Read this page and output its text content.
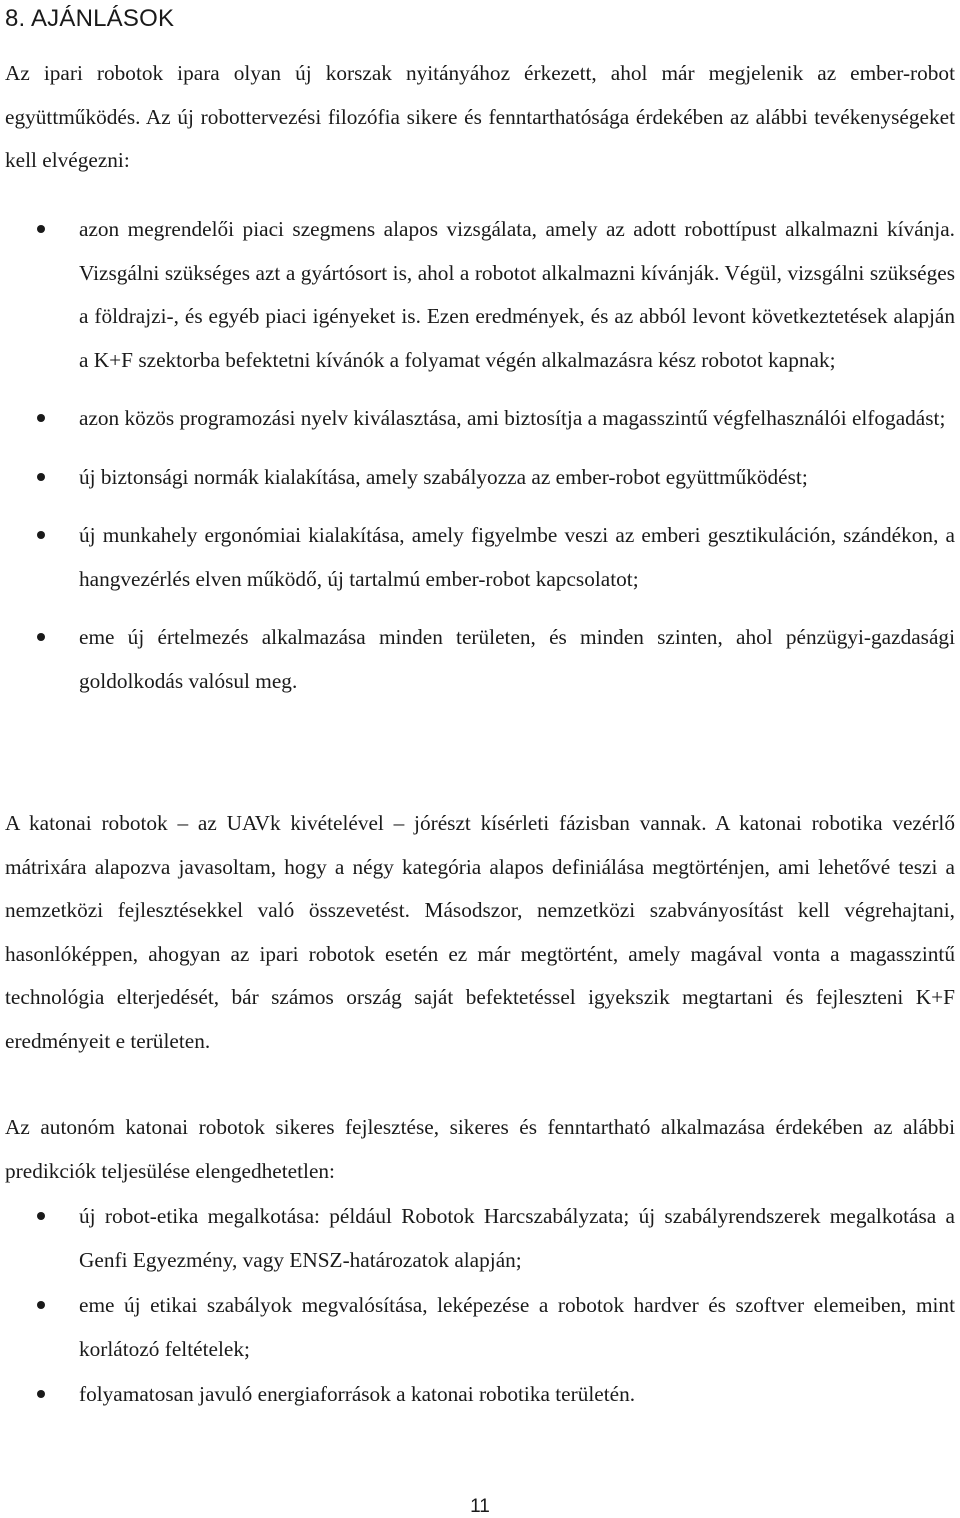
8. AJÁNLÁSOK

Az ipari robotok ipara olyan új korszak nyitányához érkezett, ahol már megjelenik az ember-robot együttműködés. Az új robottervezési filozófia sikere és fenntarthatósága érdekében az alábbi tevékenységeket kell elvégezni:

azon megrendelői piaci szegmens alapos vizsgálata, amely az adott robottípust alkalmazni kívánja. Vizsgálni szükséges azt a gyártósort is, ahol a robotot alkalmazni kívánják. Végül, vizsgálni szükséges a földrajzi-, és egyéb piaci igényeket is. Ezen eredmények, és az abból levont következtetések alapján a K+F szektorba befektetni kívánók a folyamat végén alkalmazásra kész robotot kapnak;
azon közös programozási nyelv kiválasztása, ami biztosítja a magasszintű végfelhasználói elfogadást;
új biztonsági normák kialakítása, amely szabályozza az ember-robot együttműködést;
új munkahely ergonómiai kialakítása, amely figyelmbe veszi az emberi gesztikuláción, szándékon, a hangvezérlés elven működő, új tartalmú ember-robot kapcsolatot;
eme új értelmezés alkalmazása minden területen, és minden szinten, ahol pénzügyi-gazdasági goldolkodás valósul meg.

A katonai robotok – az UAVk kivételével – jórészt kísérleti fázisban vannak. A katonai robotika vezérlő mátrixára alapozva javasoltam, hogy a négy kategória alapos definiálása megtörténjen, ami lehetővé teszi a nemzetközi fejlesztésekkel való összevetést. Másodszor, nemzetközi szabványosítást kell végrehajtani, hasonlóképpen, ahogyan az ipari robotok esetén ez már megtörtént, amely magával vonta a magasszintű technológia elterjedését, bár számos ország saját befektetéssel igyekszik megtartani és fejleszteni K+F eredményeit e területen.

Az autonóm katonai robotok sikeres fejlesztése, sikeres és fenntartható alkalmazása érdekében az alábbi predikciók teljesülése elengedhetetlen:

új robot-etika megalkotása: például Robotok Harcszabályzata; új szabályrendszerek megalkotása a Genfi Egyezmény, vagy ENSZ-határozatok alapján;
eme új etikai szabályok megvalósítása, leképezése a robotok hardver és szoftver elemeiben, mint korlátozó feltételek;
folyamatosan javuló energiaforrások a katonai robotika területén.
11
